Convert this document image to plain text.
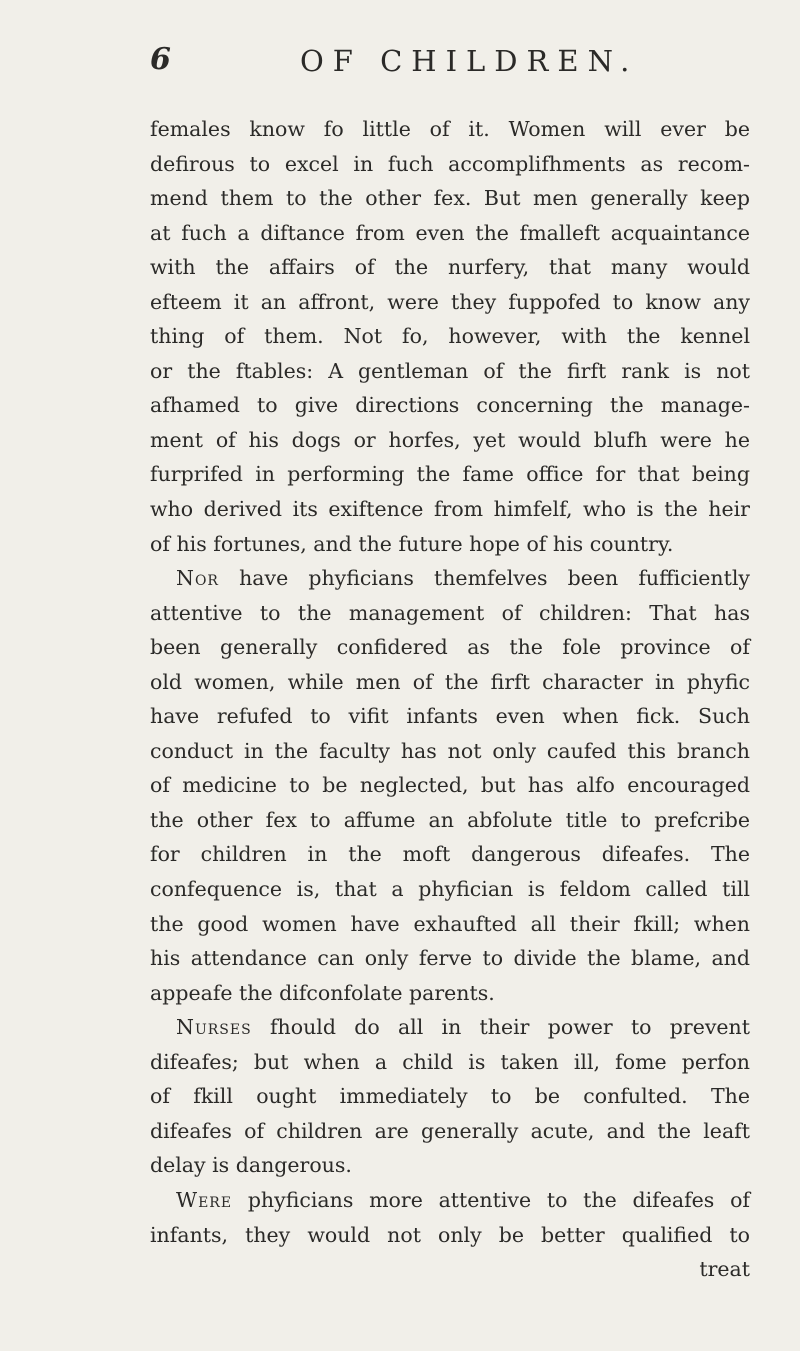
6	OF CHILDREN.
females know fo little of it. Women will ever be
defirous to excel in fuch accomplifhments as recom-
mend them to the other fex. But men generally keep
at fuch a diftance from even the fmalleft acquaintance
with the affairs of the nurfery, that many would
efteem it an affront, were they fuppofed to know any
thing of them. Not fo, however, with the kennel
or the ftables: A gentleman of the firft rank is not
afhamed to give directions concerning the manage-
ment of his dogs or horfes, yet would blufh were he
furprifed in performing the fame office for that being
who derived its exiftence from himfelf, who is the heir
of his fortunes, and the future hope of his country.
Nor have phyficians themfelves been fufficiently
attentive to the management of children: That has
been generally confidered as the fole province of
old women, while men of the firft character in phyfic
have refufed to vifit infants even when fick. Such
conduct in the faculty has not only caufed this branch
of medicine to be neglected, but has alfo encouraged
the other fex to affume an abfolute title to prefcribe
for children in the moft dangerous difeafes. The
confequence is, that a phyfician is feldom called till
the good women have exhaufted all their fkill; when
his attendance can only ferve to divide the blame, and
appeafe the difconfolate parents.
Nurses fhould do all in their power to prevent
difeafes; but when a child is taken ill, fome perfon
of fkill ought immediately to be confulted. The
difeafes of children are generally acute, and the leaft
delay is dangerous.
Were phyficians more attentive to the difeafes of
infants, they would not only be better qualified to
treat
